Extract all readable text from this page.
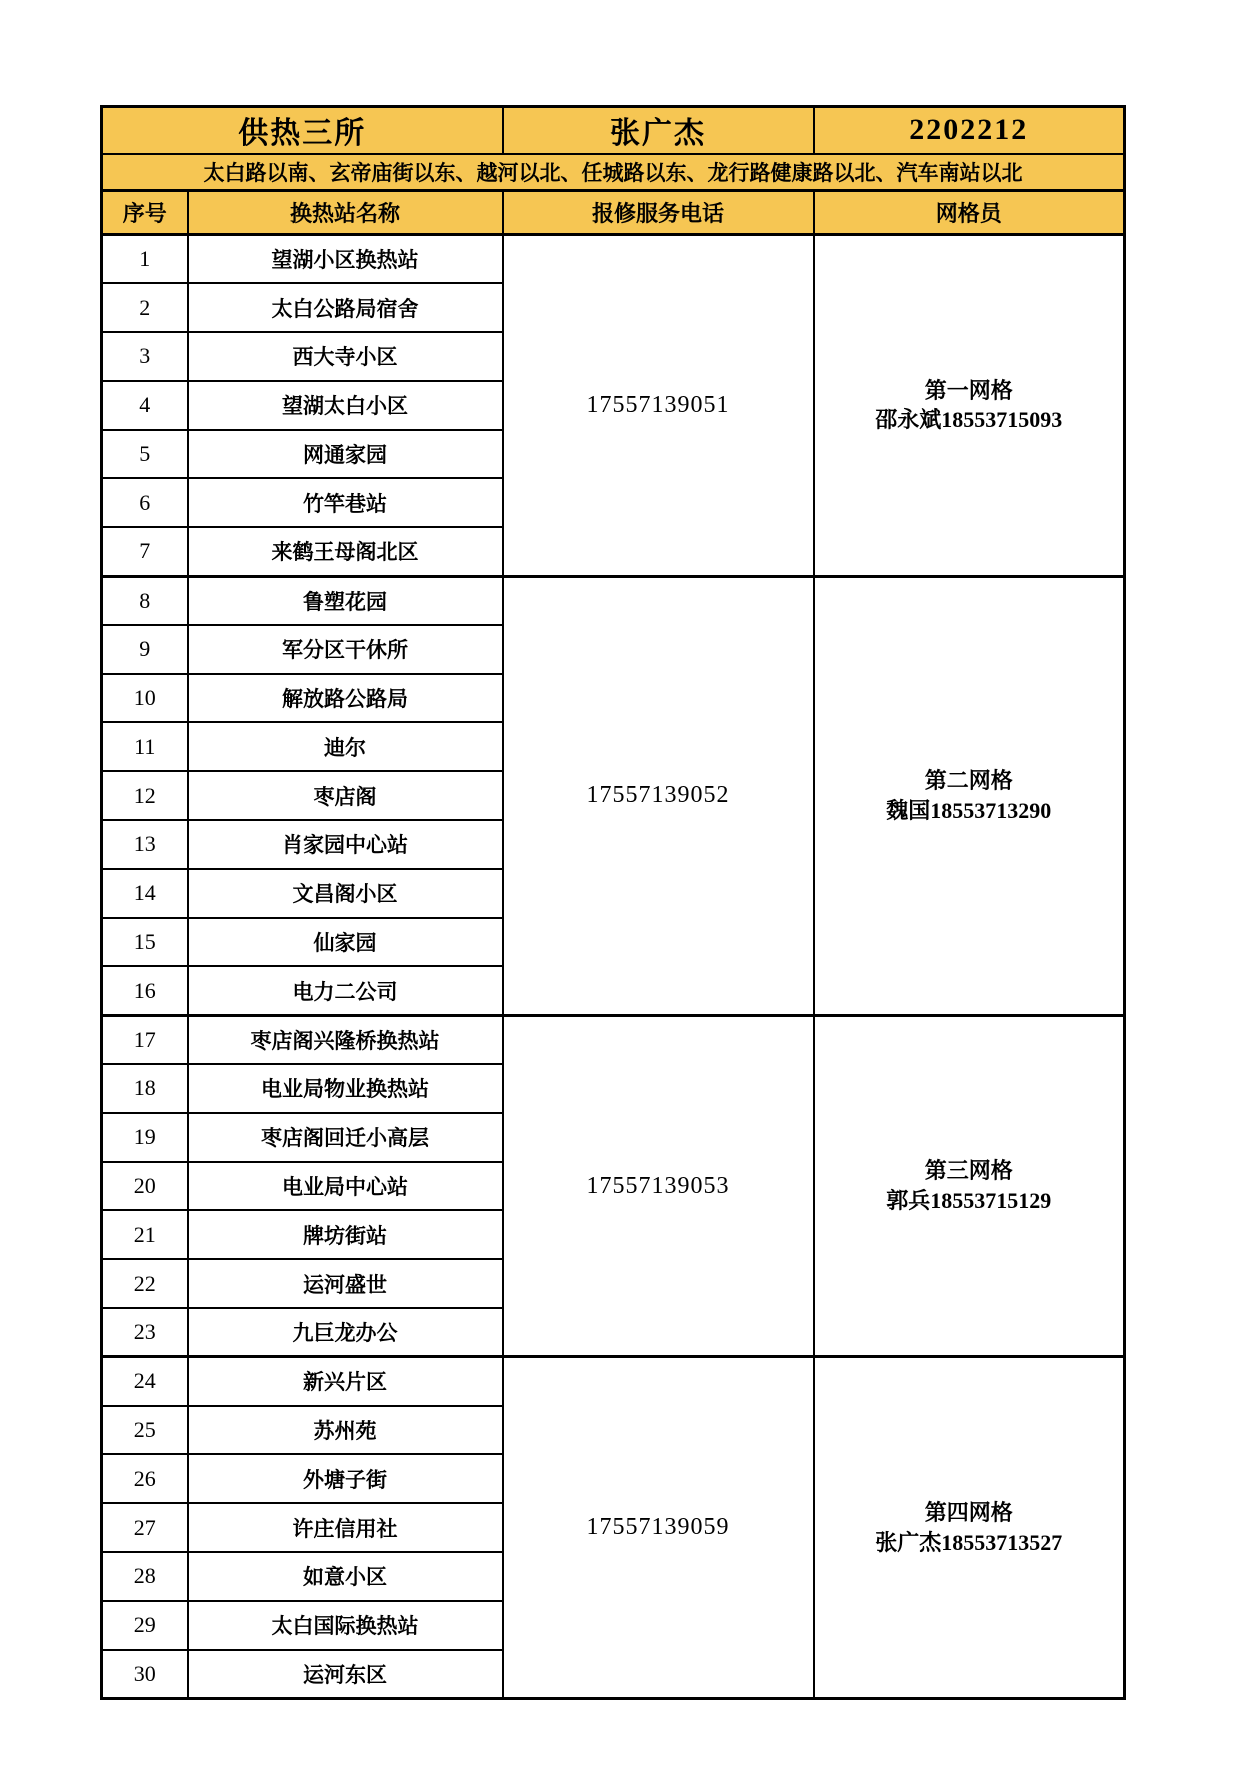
供热三所		张广杰	2202212
太白路以南、玄帝庙街以东、越河以北、任城路以东、龙行路健康路以北、汽车南站以北			
序号	换热站名称	报修服务电话	网格员
1	望湖小区换热站	17557139051	第一网格
邵永斌18553715093

2	太白公路局宿舍		
3	西大寺小区		
4	望湖太白小区		
5	网通家园		
6	竹竿巷站		
7	来鹤王母阁北区		
8	鲁塑花园	17557139052	第二网格
魏国18553713290

9	军分区干休所		
10	解放路公路局		
11	迪尔		
12	枣店阁		
13	肖家园中心站		
14	文昌阁小区		
15	仙家园		
16	电力二公司		
17	枣店阁兴隆桥换热站	17557139053	第三网格
郭兵18553715129

18	电业局物业换热站		
19	枣店阁回迁小高层		
20	电业局中心站		
21	牌坊街站		
22	运河盛世		
23	九巨龙办公		
24	新兴片区	17557139059	第四网格
张广杰18553713527

25	苏州苑		
26	外塘子街		
27	许庄信用社		
28	如意小区		
29	太白国际换热站		
30	运河东区		
